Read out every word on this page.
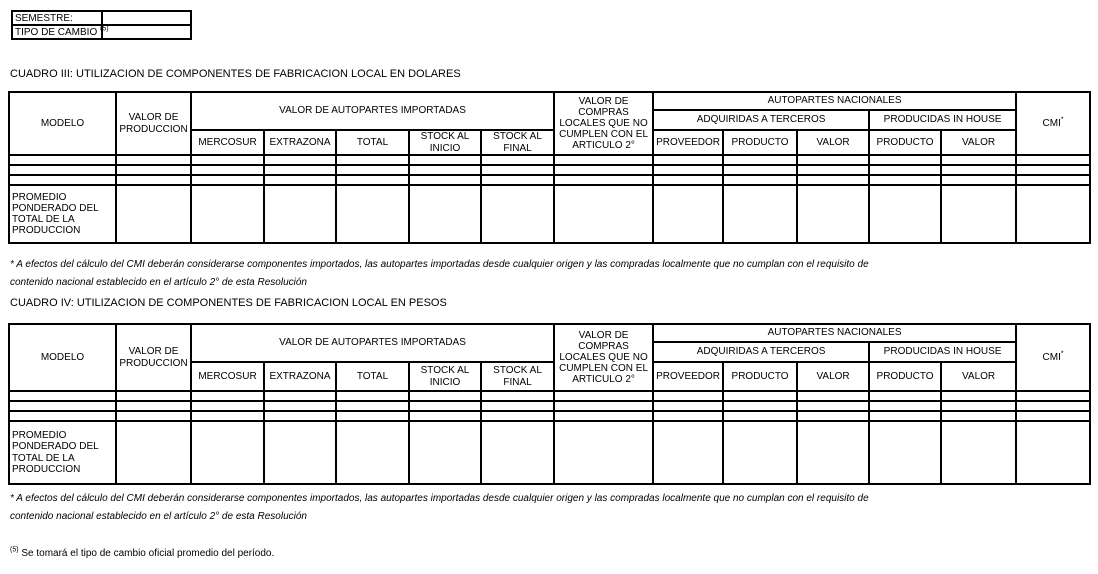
SEMESTRE:	
TIPO DE CAMBIO $^{(5)}$	
CUADRO III: UTILIZACION DE COMPONENTES DE FABRICACION LOCAL EN DOLARES
MODELO	VALOR DE PRODUCCION	VALOR DE AUTOPARTES IMPORTADAS					VALOR DE COMPRAS LOCALES QUE NO CUMPLEN CON EL ARTICULO 2°	AUTOPARTES NACIONALES					CMI*
								ADQUIRIDAS A TERCEROS			PRODUCIDAS IN HOUSE		
		MERCOSUR	EXTRAZONA	TOTAL	STOCK AL INICIO	STOCK AL FINAL		PROVEEDOR	PRODUCTO	VALOR	PRODUCTO	VALOR	

PROMEDIO PONDERADO DEL TOTAL DE LA PRODUCCION													
* A efectos del cálculo del CMI deberán considerarse componentes importados, las autopartes importadas desde cualquier origen y las compradas localmente que no cumplan con el requisito de
contenido nacional establecido en el artículo 2° de esta Resolución
CUADRO IV: UTILIZACION DE COMPONENTES DE FABRICACION LOCAL EN PESOS
MODELO	VALOR DE PRODUCCION	VALOR DE AUTOPARTES IMPORTADAS					VALOR DE COMPRAS LOCALES QUE NO CUMPLEN CON EL ARTICULO 2°	AUTOPARTES NACIONALES					CMI*
								ADQUIRIDAS A TERCEROS			PRODUCIDAS IN HOUSE		
		MERCOSUR	EXTRAZONA	TOTAL	STOCK AL INICIO	STOCK AL FINAL		PROVEEDOR	PRODUCTO	VALOR	PRODUCTO	VALOR	

PROMEDIO PONDERADO DEL TOTAL DE LA PRODUCCION													
* A efectos del cálculo del CMI deberán considerarse componentes importados, las autopartes importadas desde cualquier origen y las compradas localmente que no cumplan con el requisito de
contenido nacional establecido en el artículo 2° de esta Resolución
$^{(5)}$ Se tomará el tipo de cambio oficial promedio del período.
